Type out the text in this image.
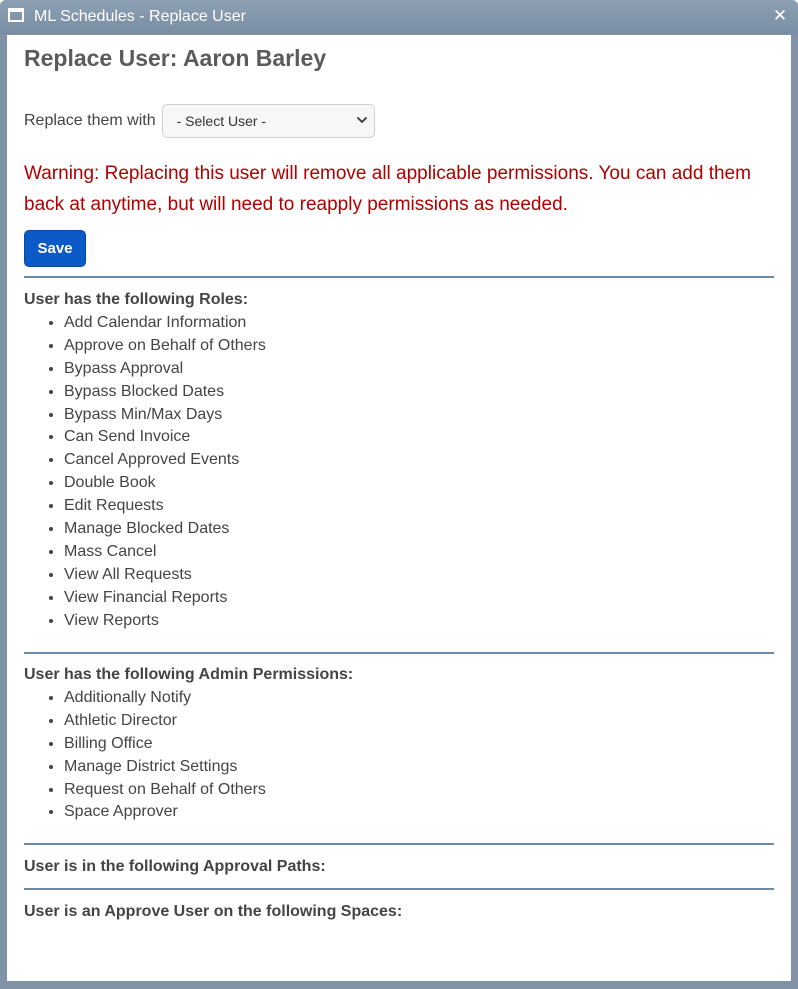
ML Schedules - Replace User	✕
Replace User: Aaron Barley
Replace them with - Select User -
Warning: Replacing this user will remove all applicable permissions. You can add them back at anytime, but will need to reapply permissions as needed.
Save
User has the following Roles:
• Add Calendar Information
• Approve on Behalf of Others
• Bypass Approval
• Bypass Blocked Dates
• Bypass Min/Max Days
• Can Send Invoice
• Cancel Approved Events
• Double Book
• Edit Requests
• Manage Blocked Dates
• Mass Cancel
• View All Requests
• View Financial Reports
• View Reports
User has the following Admin Permissions:
• Additionally Notify
• Athletic Director
• Billing Office
• Manage District Settings
• Request on Behalf of Others
• Space Approver
User is in the following Approval Paths:
User is an Approve User on the following Spaces:
